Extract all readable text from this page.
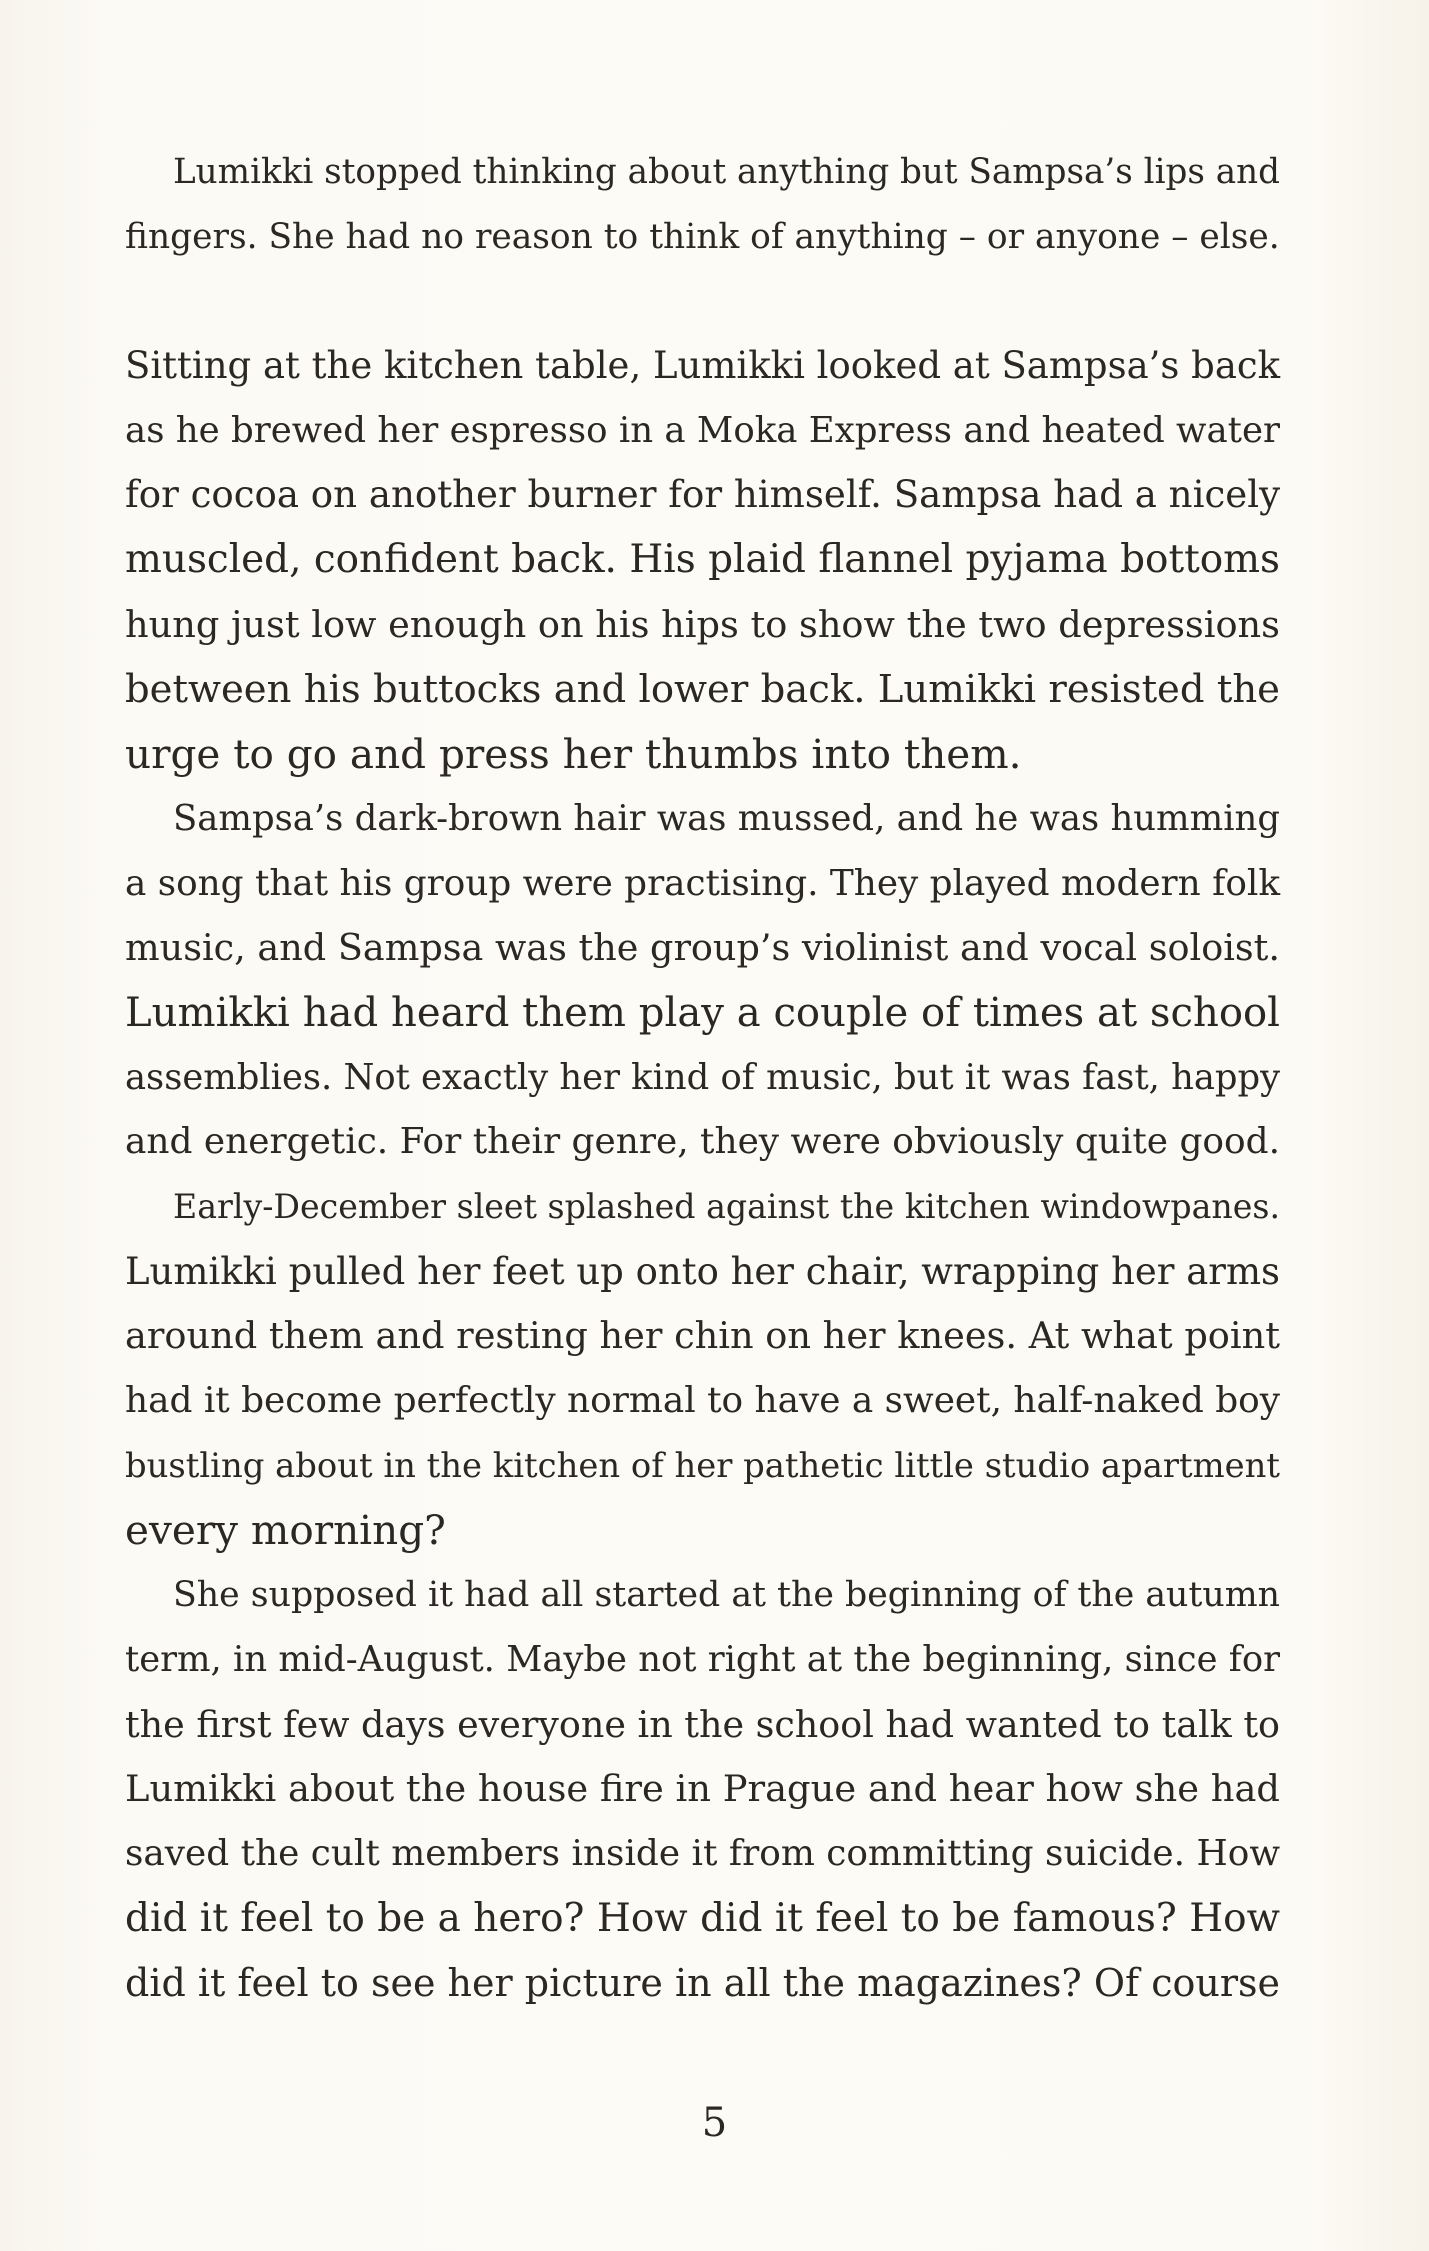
Lumikki stopped thinking about anything but Sampsa’s lips and
fingers. She had no reason to think of anything – or anyone – else.
Sitting at the kitchen table, Lumikki looked at Sampsa’s back
as he brewed her espresso in a Moka Express and heated water
for cocoa on another burner for himself. Sampsa had a nicely
muscled, confident back. His plaid flannel pyjama bottoms
hung just low enough on his hips to show the two depressions
between his buttocks and lower back. Lumikki resisted the
urge to go and press her thumbs into them.
Sampsa’s dark-brown hair was mussed, and he was humming
a song that his group were practising. They played modern folk
music, and Sampsa was the group’s violinist and vocal soloist.
Lumikki had heard them play a couple of times at school
assemblies. Not exactly her kind of music, but it was fast, happy
and energetic. For their genre, they were obviously quite good.
Early-December sleet splashed against the kitchen windowpanes.
Lumikki pulled her feet up onto her chair, wrapping her arms
around them and resting her chin on her knees. At what point
had it become perfectly normal to have a sweet, half-naked boy
bustling about in the kitchen of her pathetic little studio apartment
every morning?
She supposed it had all started at the beginning of the autumn
term, in mid-August. Maybe not right at the beginning, since for
the first few days everyone in the school had wanted to talk to
Lumikki about the house fire in Prague and hear how she had
saved the cult members inside it from committing suicide. How
did it feel to be a hero? How did it feel to be famous? How
did it feel to see her picture in all the magazines? Of course
5
